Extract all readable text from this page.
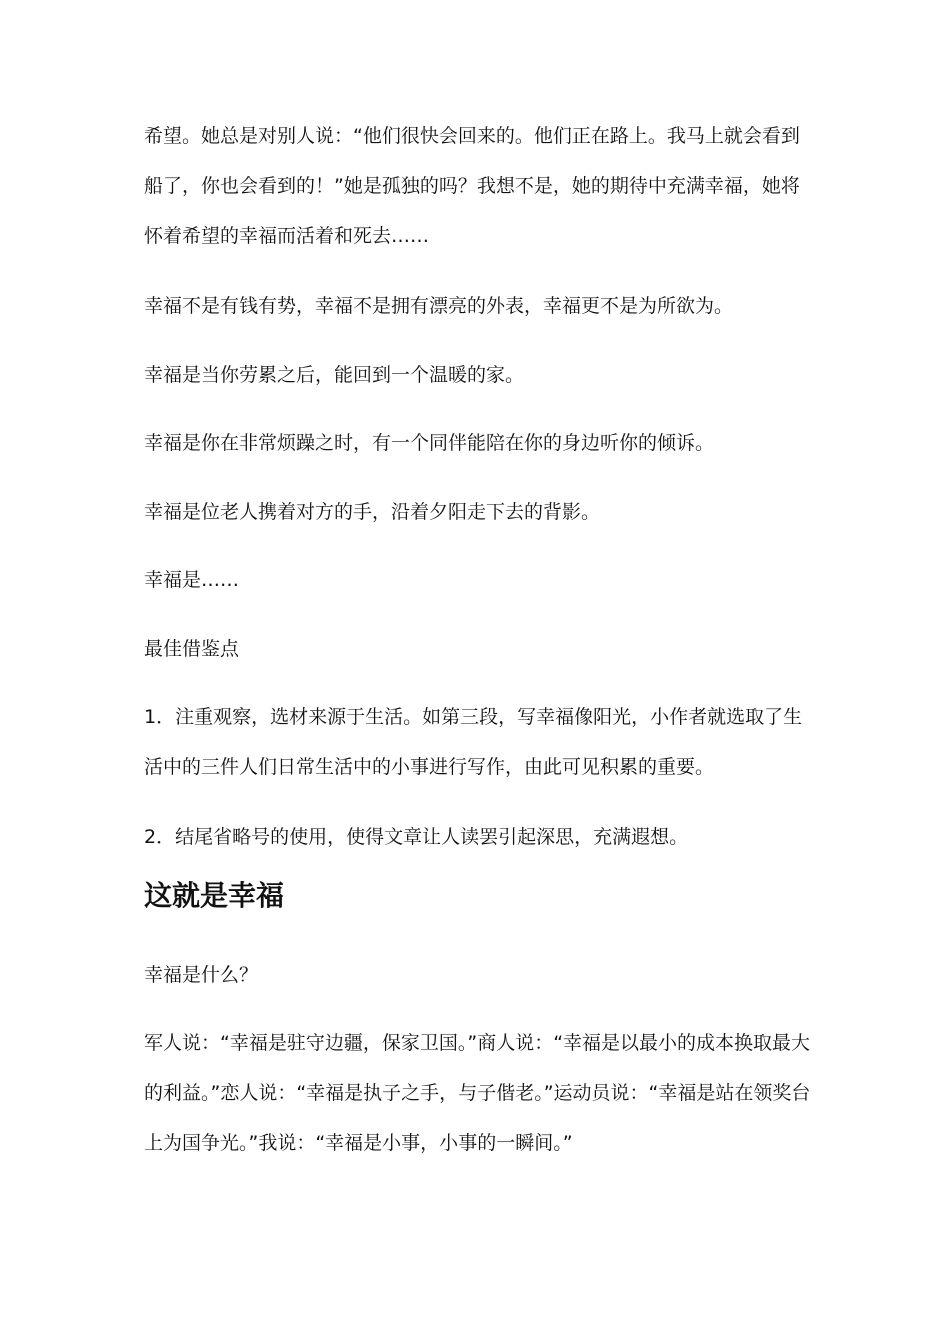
希望。她总是对别人说：“他们很快会回来的。他们正在路上。我马上就会看到船了，你也会看到的！”她是孤独的吗？我想不是，她的期待中充满幸福，她将怀着希望的幸福而活着和死去……
幸福不是有钱有势，幸福不是拥有漂亮的外表，幸福更不是为所欲为。
幸福是当你劳累之后，能回到一个温暖的家。
幸福是你在非常烦躁之时，有一个同伴能陪在你的身边听你的倾诉。
幸福是位老人携着对方的手，沿着夕阳走下去的背影。
幸福是……
最佳借鉴点
1．注重观察，选材来源于生活。如第三段，写幸福像阳光，小作者就选取了生活中的三件人们日常生活中的小事进行写作，由此可见积累的重要。
2．结尾省略号的使用，使得文章让人读罢引起深思，充满遐想。
这就是幸福
幸福是什么？
军人说：“幸福是驻守边疆，保家卫国。”商人说：“幸福是以最小的成本换取最大的利益。”恋人说：“幸福是执子之手，与子偕老。”运动员说：“幸福是站在领奖台上为国争光。”我说：“幸福是小事，小事的一瞬间。”
